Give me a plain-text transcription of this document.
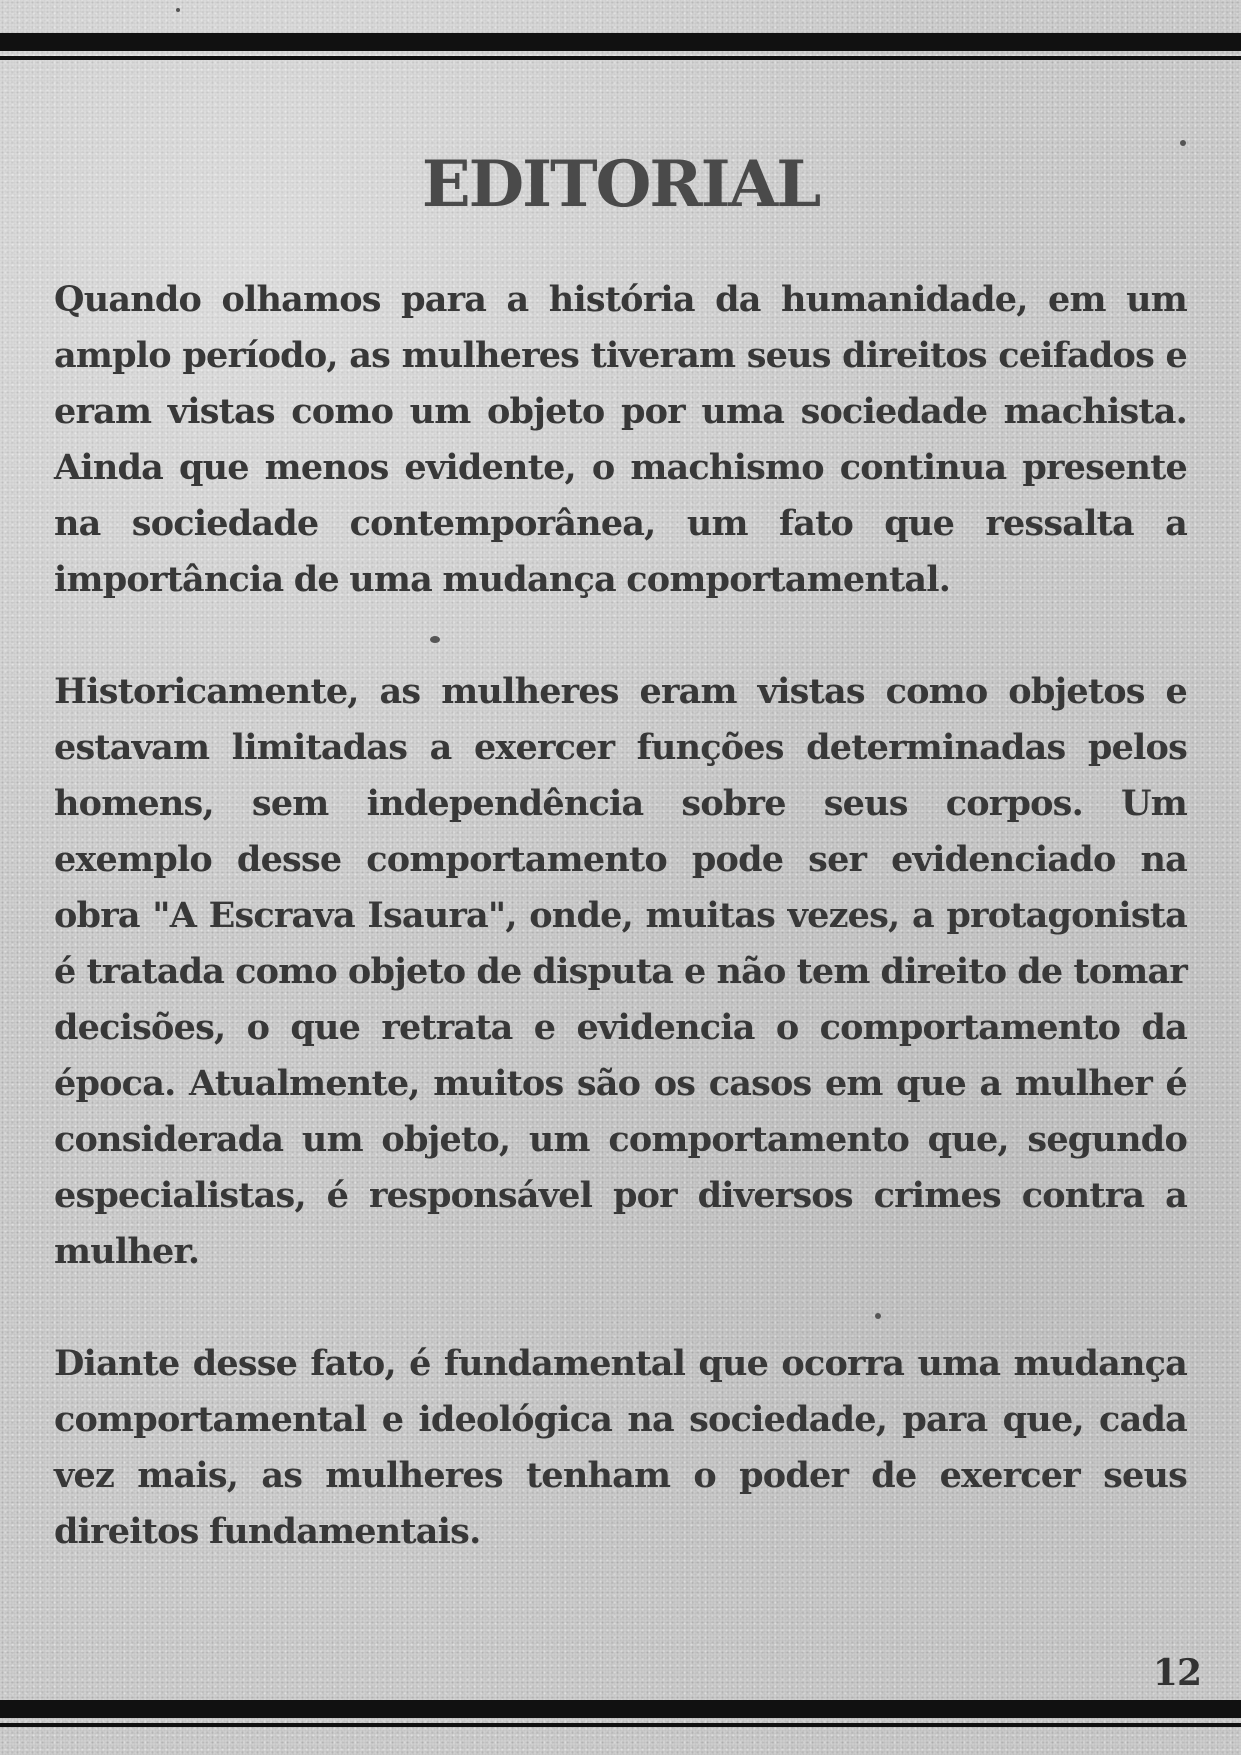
EDITORIAL

Quando olhamos para a história da humanidade, em um amplo período, as mulheres tiveram seus direitos ceifados e eram vistas como um objeto por uma sociedade machista. Ainda que menos evidente, o machismo continua presente na sociedade contemporânea, um fato que ressalta a importância de uma mudança comportamental.

Historicamente, as mulheres eram vistas como objetos e estavam limitadas a exercer funções determinadas pelos homens, sem independência sobre seus corpos. Um exemplo desse comportamento pode ser evidenciado na obra "A Escrava Isaura", onde, muitas vezes, a protagonista é tratada como objeto de disputa e não tem direito de tomar decisões, o que retrata e evidencia o comportamento da época. Atualmente, muitos são os casos em que a mulher é considerada um objeto, um comportamento que, segundo especialistas, é responsável por diversos crimes contra a mulher.

Diante desse fato, é fundamental que ocorra uma mudança comportamental e ideológica na sociedade, para que, cada vez mais, as mulheres tenham o poder de exercer seus direitos fundamentais.

12
